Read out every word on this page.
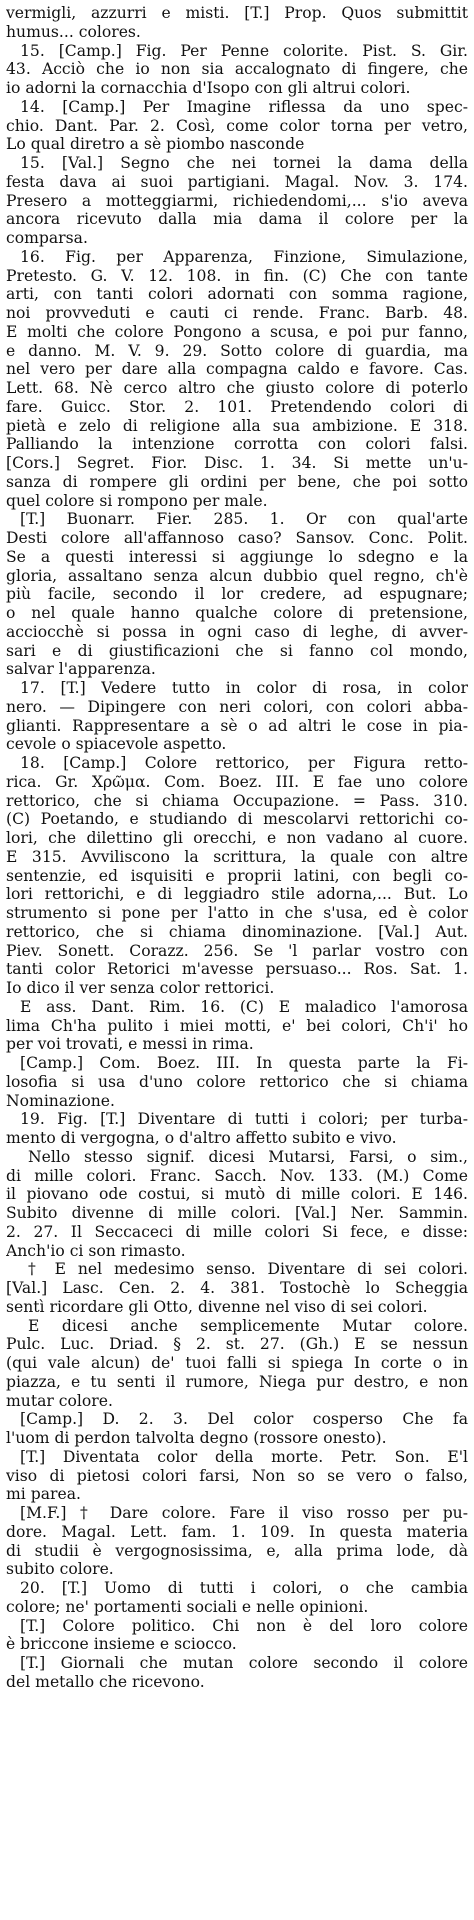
vermigli, azzurri e misti. [T.] Prop. Quos submittit
humus... colores.
15. [Camp.] Fig. Per Penne colorite. Pist. S. Gir.
43. Acciò che io non sia accalognato di fingere, che
io adorni la cornacchia d'Isopo con gli altrui colori.
14. [Camp.] Per Imagine riflessa da uno spec-
chio. Dant. Par. 2. Così, come color torna per vetro,
Lo qual diretro a sè piombo nasconde
15. [Val.] Segno che nei tornei la dama della
festa dava ai suoi partigiani. Magal. Nov. 3. 174.
Presero a motteggiarmi, richiedendomi,... s'io aveva
ancora ricevuto dalla mia dama il colore per la
comparsa.
16. Fig. per Apparenza, Finzione, Simulazione,
Pretesto. G. V. 12. 108. in fin. (C) Che con tante
arti, con tanti colori adornati con somma ragione,
noi provveduti e cauti ci rende. Franc. Barb. 48.
E molti che colore Pongono a scusa, e poi pur fanno,
e danno. M. V. 9. 29. Sotto colore di guardia, ma
nel vero per dare alla compagna caldo e favore. Cas.
Lett. 68. Nè cerco altro che giusto colore di poterlo
fare. Guicc. Stor. 2. 101. Pretendendo colori di
pietà e zelo di religione alla sua ambizione. E 318.
Palliando la intenzione corrotta con colori falsi.
[Cors.] Segret. Fior. Disc. 1. 34. Si mette un'u-
sanza di rompere gli ordini per bene, che poi sotto
quel colore si rompono per male.
[T.] Buonarr. Fier. 285. 1. Or con qual'arte
Desti colore all'affannoso caso? Sansov. Conc. Polit.
Se a questi interessi si aggiunge lo sdegno e la
gloria, assaltano senza alcun dubbio quel regno, ch'è
più facile, secondo il lor credere, ad espugnare;
o nel quale hanno qualche colore di pretensione,
acciocchè si possa in ogni caso di leghe, di avver-
sari e di giustificazioni che si fanno col mondo,
salvar l'apparenza.
17. [T.] Vedere tutto in color di rosa, in color
nero. — Dipingere con neri colori, con colori abba-
glianti. Rappresentare a sè o ad altri le cose in pia-
cevole o spiacevole aspetto.
18. [Camp.] Colore rettorico, per Figura retto-
rica. Gr. Χρῶμα. Com. Boez. III. E fae uno colore
rettorico, che si chiama Occupazione. = Pass. 310.
(C) Poetando, e studiando di mescolarvi rettorichi co-
lori, che dilettino gli orecchi, e non vadano al cuore.
E 315. Avviliscono la scrittura, la quale con altre
sentenzie, ed isquisiti e proprii latini, con begli co-
lori rettorichi, e di leggiadro stile adorna,... But. Lo
strumento si pone per l'atto in che s'usa, ed è color
rettorico, che si chiama dinominazione. [Val.] Aut.
Piev. Sonett. Corazz. 256. Se 'l parlar vostro con
tanti color Retorici m'avesse persuaso... Ros. Sat. 1.
Io dico il ver senza color rettorici.
E ass. Dant. Rim. 16. (C) E maladico l'amorosa
lima Ch'ha pulito i miei motti, e' bei colori, Ch'i' ho
per voi trovati, e messi in rima.
[Camp.] Com. Boez. III. In questa parte la Fi-
losofia si usa d'uno colore rettorico che si chiama
Nominazione.
19. Fig. [T.] Diventare di tutti i colori; per turba-
mento di vergogna, o d'altro affetto subito e vivo.
Nello stesso signif. dicesi Mutarsi, Farsi, o sim.,
di mille colori. Franc. Sacch. Nov. 133. (M.) Come
il piovano ode costui, si mutò di mille colori. E 146.
Subito divenne di mille colori. [Val.] Ner. Sammin.
2. 27. Il Seccaceci di mille colori Si fece, e disse:
Anch'io ci son rimasto.
† E nel medesimo senso. Diventare di sei colori.
[Val.] Lasc. Cen. 2. 4. 381. Tostochè lo Scheggia
sentì ricordare gli Otto, divenne nel viso di sei colori.
E dicesi anche semplicemente Mutar colore.
Pulc. Luc. Driad. § 2. st. 27. (Gh.) E se nessun
(qui vale alcun) de' tuoi falli si spiega In corte o in
piazza, e tu senti il rumore, Niega pur destro, e non
mutar colore.
[Camp.] D. 2. 3. Del color cosperso Che fa
l'uom di perdon talvolta degno (rossore onesto).
[T.] Diventata color della morte. Petr. Son. E'l
viso di pietosi colori farsi, Non so se vero o falso,
mi parea.
[M.F.] † Dare colore. Fare il viso rosso per pu-
dore. Magal. Lett. fam. 1. 109. In questa materia
di studii è vergognosissima, e, alla prima lode, dà
subito colore.
20. [T.] Uomo di tutti i colori, o che cambia
colore; ne' portamenti sociali e nelle opinioni.
[T.] Colore politico. Chi non è del loro colore
è briccone insieme e sciocco.
[T.] Giornali che mutan colore secondo il colore
del metallo che ricevono.
